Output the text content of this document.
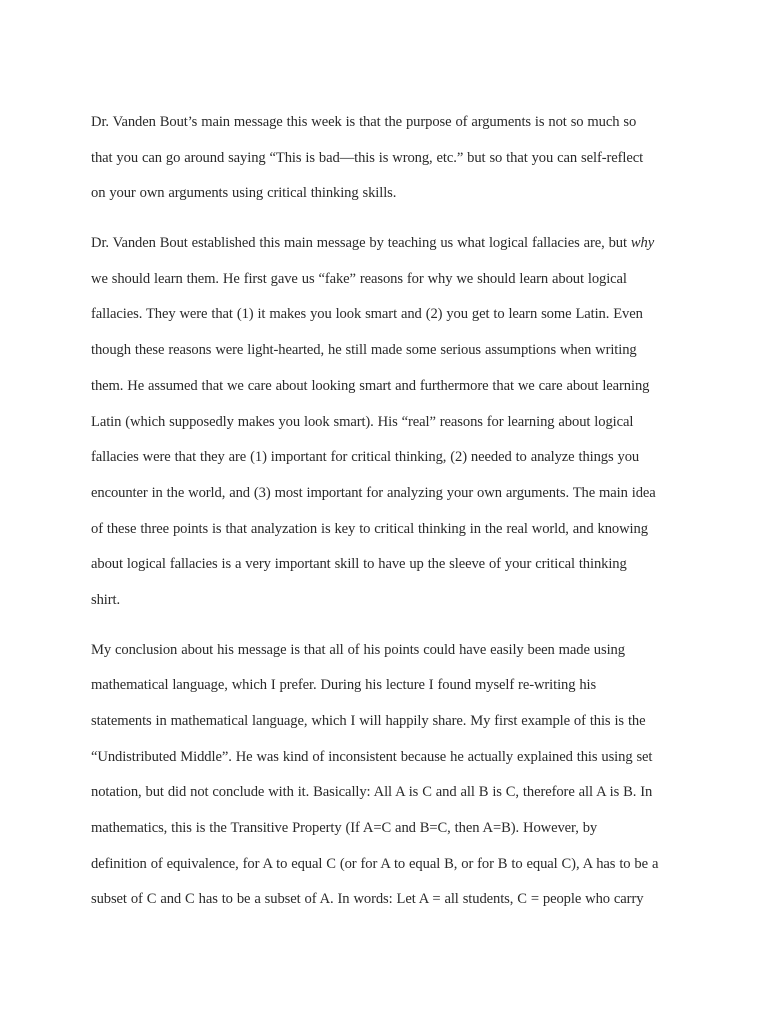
Dr. Vanden Bout’s main message this week is that the purpose of arguments is not so much so
that you can go around saying “This is bad—this is wrong, etc.” but so that you can self-reflect
on your own arguments using critical thinking skills.
Dr. Vanden Bout established this main message by teaching us what logical fallacies are, but why
we should learn them. He first gave us “fake” reasons for why we should learn about logical
fallacies. They were that (1) it makes you look smart and (2) you get to learn some Latin. Even
though these reasons were light-hearted, he still made some serious assumptions when writing
them. He assumed that we care about looking smart and furthermore that we care about learning
Latin (which supposedly makes you look smart). His “real” reasons for learning about logical
fallacies were that they are (1) important for critical thinking, (2) needed to analyze things you
encounter in the world, and (3) most important for analyzing your own arguments. The main idea
of these three points is that analyzation is key to critical thinking in the real world, and knowing
about logical fallacies is a very important skill to have up the sleeve of your critical thinking
shirt.
My conclusion about his message is that all of his points could have easily been made using
mathematical language, which I prefer. During his lecture I found myself re-writing his
statements in mathematical language, which I will happily share. My first example of this is the
“Undistributed Middle”. He was kind of inconsistent because he actually explained this using set
notation, but did not conclude with it. Basically: All A is C and all B is C, therefore all A is B. In
mathematics, this is the Transitive Property (If A=C and B=C, then A=B). However, by
definition of equivalence, for A to equal C (or for A to equal B, or for B to equal C), A has to be a
subset of C and C has to be a subset of A. In words: Let A = all students, C = people who carry
